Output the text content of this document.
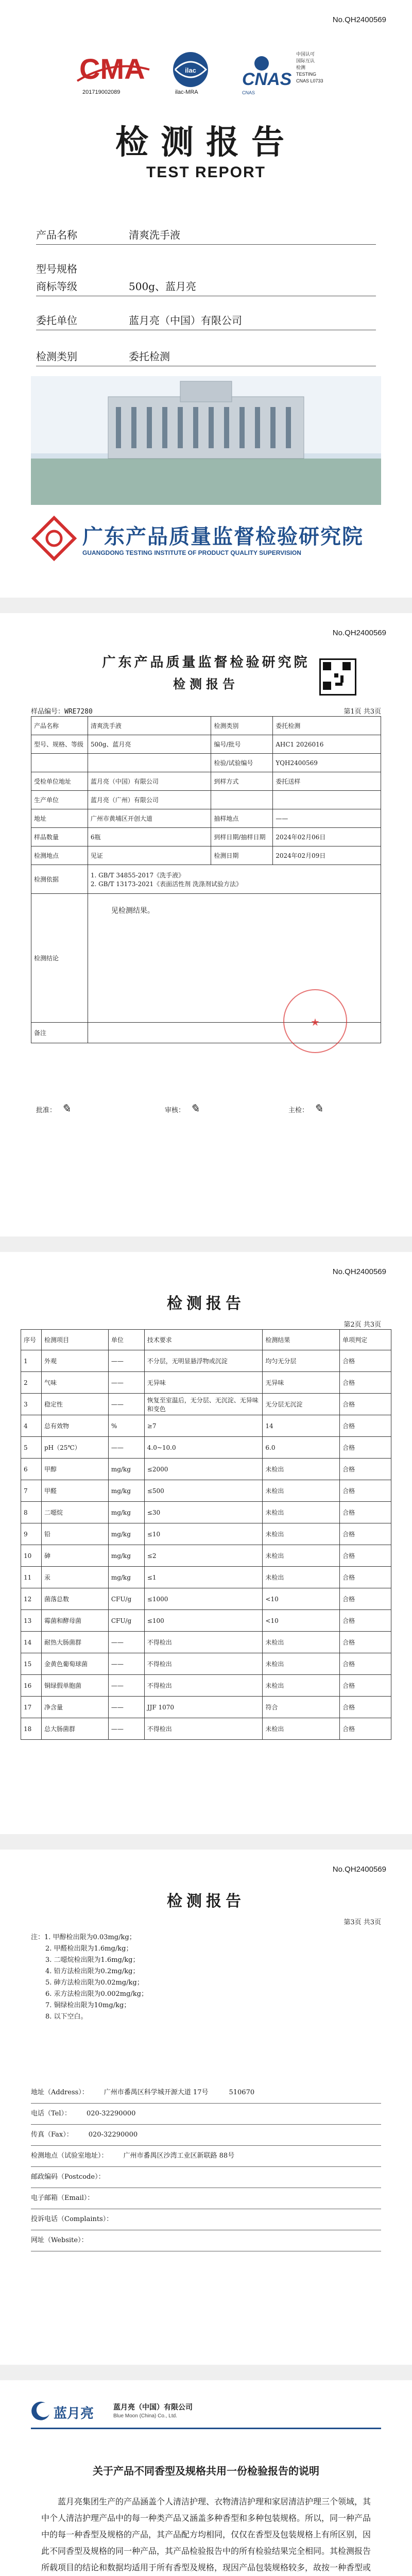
No.QH2400569
CMA
201719002089
ilac
ilac-MRA
CNAS
CNAS
中国认可
国际互认
检测
TESTING
CNAS L0733
检测报告
TEST REPORT
产品名称	清爽洗手液
型号规格
商标等级	500g、蓝月亮
委托单位	蓝月亮（中国）有限公司
检测类别	委托检测
广东产品质量监督检验研究院
GUANGDONG TESTING INSTITUTE OF PRODUCT QUALITY SUPERVISION
No.QH2400569
广东产品质量监督检验研究院
检测报告
样品编号：WRE7280	第1页 共3页
产品名称	清爽洗手液	检测类别	委托检测
型号、规格、等级	500g、蓝月亮	编号/批号	AHC1 2026016
		检验/试验编号	YQH2400569
受检单位地址	蓝月亮（中国）有限公司	到样方式	委托送样
生产单位	蓝月亮（广州）有限公司		
地址	广州市黄埔区开创大道	抽样地点	——
样品数量	6瓶	到样日期/抽样日期	2024年02月06日
检测地点	见证	检测日期	2024年02月09日
检测依据	1. GB/T 34855-2017《洗手液》
2. GB/T 13173-2021《表面活性剂 洗涤剂试验方法》		

检测结论	见检测结果。		

备注			
★
批准： ✎	审核： ✎	主检： ✎
No.QH2400569
检测报告
第2页 共3页
序号	检测项目	单位	技术要求	检测结果	单项判定
1	外观	——	不分层，无明显悬浮物或沉淀	均匀无分层	合格
2	气味	——	无异味	无异味	合格
3	稳定性	——	恢复至室温后，无分层、无沉淀、无异味和变色	无分层无沉淀	合格
4	总有效物	%	≥7	14	合格
5	pH（25℃）	——	4.0~10.0	6.0	合格
6	甲醇	mg/kg	≤2000	未检出	合格
7	甲醛	mg/kg	≤500	未检出	合格
8	二噁烷	mg/kg	≤30	未检出	合格
9	铅	mg/kg	≤10	未检出	合格
10	砷	mg/kg	≤2	未检出	合格
11	汞	mg/kg	≤1	未检出	合格
12	菌落总数	CFU/g	≤1000	<10	合格
13	霉菌和酵母菌	CFU/g	≤100	<10	合格
14	耐热大肠菌群	——	不得检出	未检出	合格
15	金黄色葡萄球菌	——	不得检出	未检出	合格
16	铜绿假单胞菌	——	不得检出	未检出	合格
17	净含量	——	JJF 1070	符合	合格
18	总大肠菌群	——	不得检出	未检出	合格
No.QH2400569
检测报告
第3页 共3页
注：1. 甲醇检出限为0.03mg/kg；
2. 甲醛检出限为1.6mg/kg；
3. 二噁烷检出限为1.6mg/kg；
4. 铅方法检出限为0.2mg/kg；
5. 砷方法检出限为0.02mg/kg；
6. 汞方法检出限为0.002mg/kg；
7. 铜绿检出限为10mg/kg；
8. 以下空白。
地址（Address）： 广州市番禺区科学城开源大道 17号	510670
电话（Tel）： 020-32290000
传真（Fax）： 020-32290000
检测地点（试验室地址）： 广州市番禺区沙湾工业区新联路 88号
邮政编码（Postcode）：
电子邮箱（Email）：
投诉电话（Complaints）：
网址（Website）：
蓝月亮	蓝月亮（中国）有限公司
Blue Moon (China) Co., Ltd.
关于产品不同香型及规格共用一份检验报告的说明

蓝月亮集团生产的产品涵盖个人清洁护理、衣物清洁护理和家居清洁护理三个领域，其中个人清洁护理产品中的每一种类产品又涵盖多种香型和多种包装规格。所以，同一种产品中的每一种香型及规格的产品，其产品配方均相同，仅仅在香型及包装规格上有所区别，因此不同香型及规格的同一种产品，其产品检验报告中的所有检验结果完全相同。其检测报告所载项目的结论和数据均适用于所有香型及规格，现因产品包装规格较多，故按一种香型或
